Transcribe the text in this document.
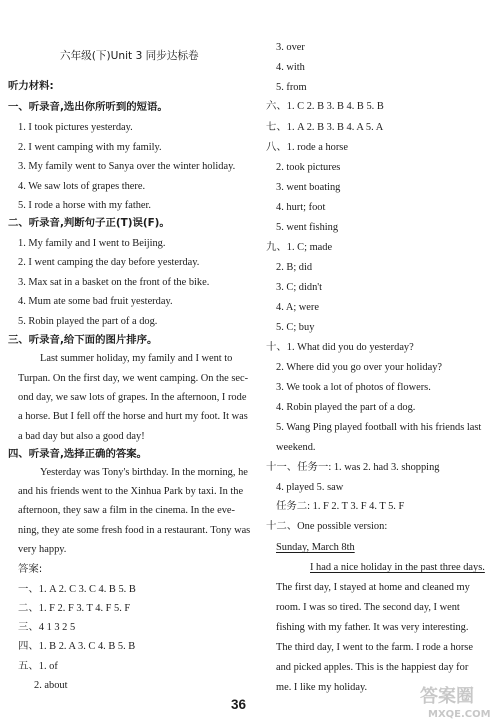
六年级(下)Unit 3 同步达标卷
听力材料:
一、听录音,选出你所听到的短语。
1. I took pictures yesterday.
2. I went camping with my family.
3. My family went to Sanya over the winter holiday.
4. We saw lots of grapes there.
5. I rode a horse with my father.
二、听录音,判断句子正(T)误(F)。
1. My family and I went to Beijing.
2. I went camping the day before yesterday.
3. Max sat in a basket on the front of the bike.
4. Mum ate some bad fruit yesterday.
5. Robin played the part of a dog.
三、听录音,给下面的图片排序。
Last summer holiday, my family and I went to
Turpan. On the first day, we went camping. On the sec-
ond day, we saw lots of grapes. In the afternoon, I rode
a horse. But I fell off the horse and hurt my foot. It was
a bad day but also a good day!
四、听录音,选择正确的答案。
Yesterday was Tony's birthday. In the morning, he
and his friends went to the Xinhua Park by taxi. In the
afternoon, they saw a film in the cinema. In the eve-
ning, they ate some fresh food in a restaurant. Tony was
very happy.
答案:
一、1. A 2. C 3. C 4. B 5. B
二、1. F 2. F 3. T 4. F 5. F
三、4 1 3 2 5
四、1. B 2. A 3. C 4. B 5. B
五、1. of
2. about
3. over
4. with
5. from
六、1. C 2. B 3. B 4. B 5. B
七、1. A 2. B 3. B 4. A 5. A
八、1. rode a horse
2. took pictures
3. went boating
4. hurt; foot
5. went fishing
九、1. C; made
2. B; did
3. C; didn't
4. A; were
5. C; buy
十、1. What did you do yesterday?
2. Where did you go over your holiday?
3. We took a lot of photos of flowers.
4. Robin played the part of a dog.
5. Wang Ping played football with his friends last
weekend.
十一、任务一: 1. was 2. had 3. shopping
4. played 5. saw
任务二: 1. F 2. T 3. F 4. T 5. F
十二、One possible version:
Sunday, March 8th
I had a nice holiday in the past three days.
The first day, I stayed at home and cleaned my
room. I was so tired. The second day, I went
fishing with my father. It was very interesting.
The third day, I went to the farm. I rode a horse
and picked apples. This is the happiest day for
me. I like my holiday.
36	答案圈
MXQE.COM
